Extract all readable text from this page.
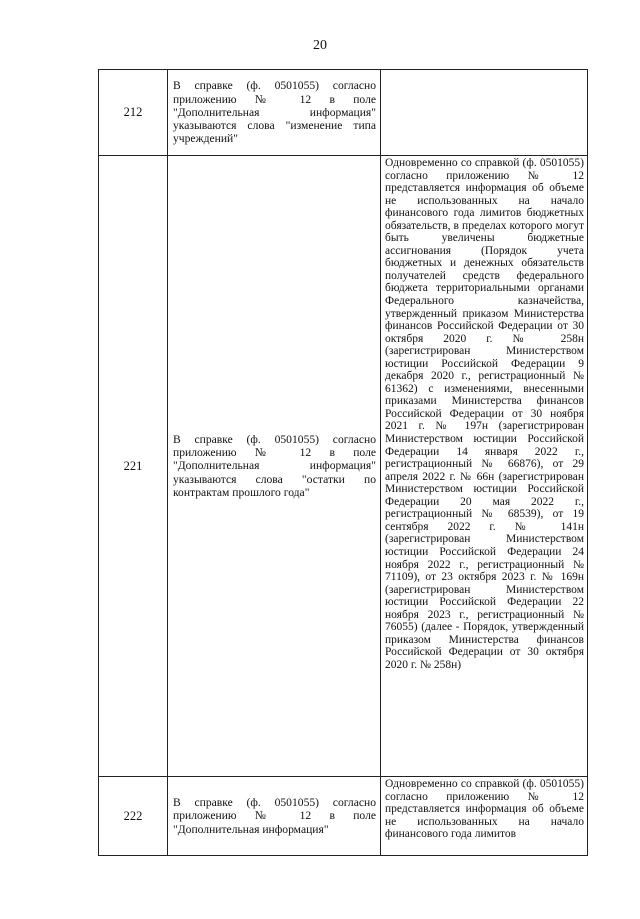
20
212	В справке (ф. 0501055) согласно приложению № 12 в поле "Дополнительная информация" указываются слова "изменение типа учреждений"	
221	В справке (ф. 0501055) согласно приложению № 12 в поле "Дополнительная информация" указываются слова "остатки по контрактам прошлого года"	Одновременно со справкой (ф. 0501055) согласно приложению № 12 представляется информация об объеме не использованных на начало финансового года лимитов бюджетных обязательств, в пределах которого могут быть увеличены бюджетные ассигнования (Порядок учета бюджетных и денежных обязательств получателей средств федерального бюджета территориальными органами Федерального казначейства, утвержденный приказом Министерства финансов Российской Федерации от 30 октября 2020 г. № 258н (зарегистрирован Министерством юстиции Российской Федерации 9 декабря 2020 г., регистрационный № 61362) с изменениями, внесенными приказами Министерства финансов Российской Федерации от 30 ноября 2021 г. № 197н (зарегистрирован Министерством юстиции Российской Федерации 14 января 2022 г., регистрационный № 66876), от 29 апреля 2022 г. № 66н (зарегистрирован Министерством юстиции Российской Федерации 20 мая 2022 г., регистрационный № 68539), от 19 сентября 2022 г. № 141н (зарегистрирован Министерством юстиции Российской Федерации 24 ноября 2022 г., регистрационный № 71109), от 23 октября 2023 г. № 169н (зарегистрирован Министерством юстиции Российской Федерации 22 ноября 2023 г., регистрационный № 76055) (далее - Порядок, утвержденный приказом Министерства финансов Российской Федерации от 30 октября 2020 г. № 258н)
222	В справке (ф. 0501055) согласно приложению № 12 в поле "Дополнительная информация"	Одновременно со справкой (ф. 0501055) согласно приложению № 12 представляется информация об объеме не использованных на начало финансового года лимитов
